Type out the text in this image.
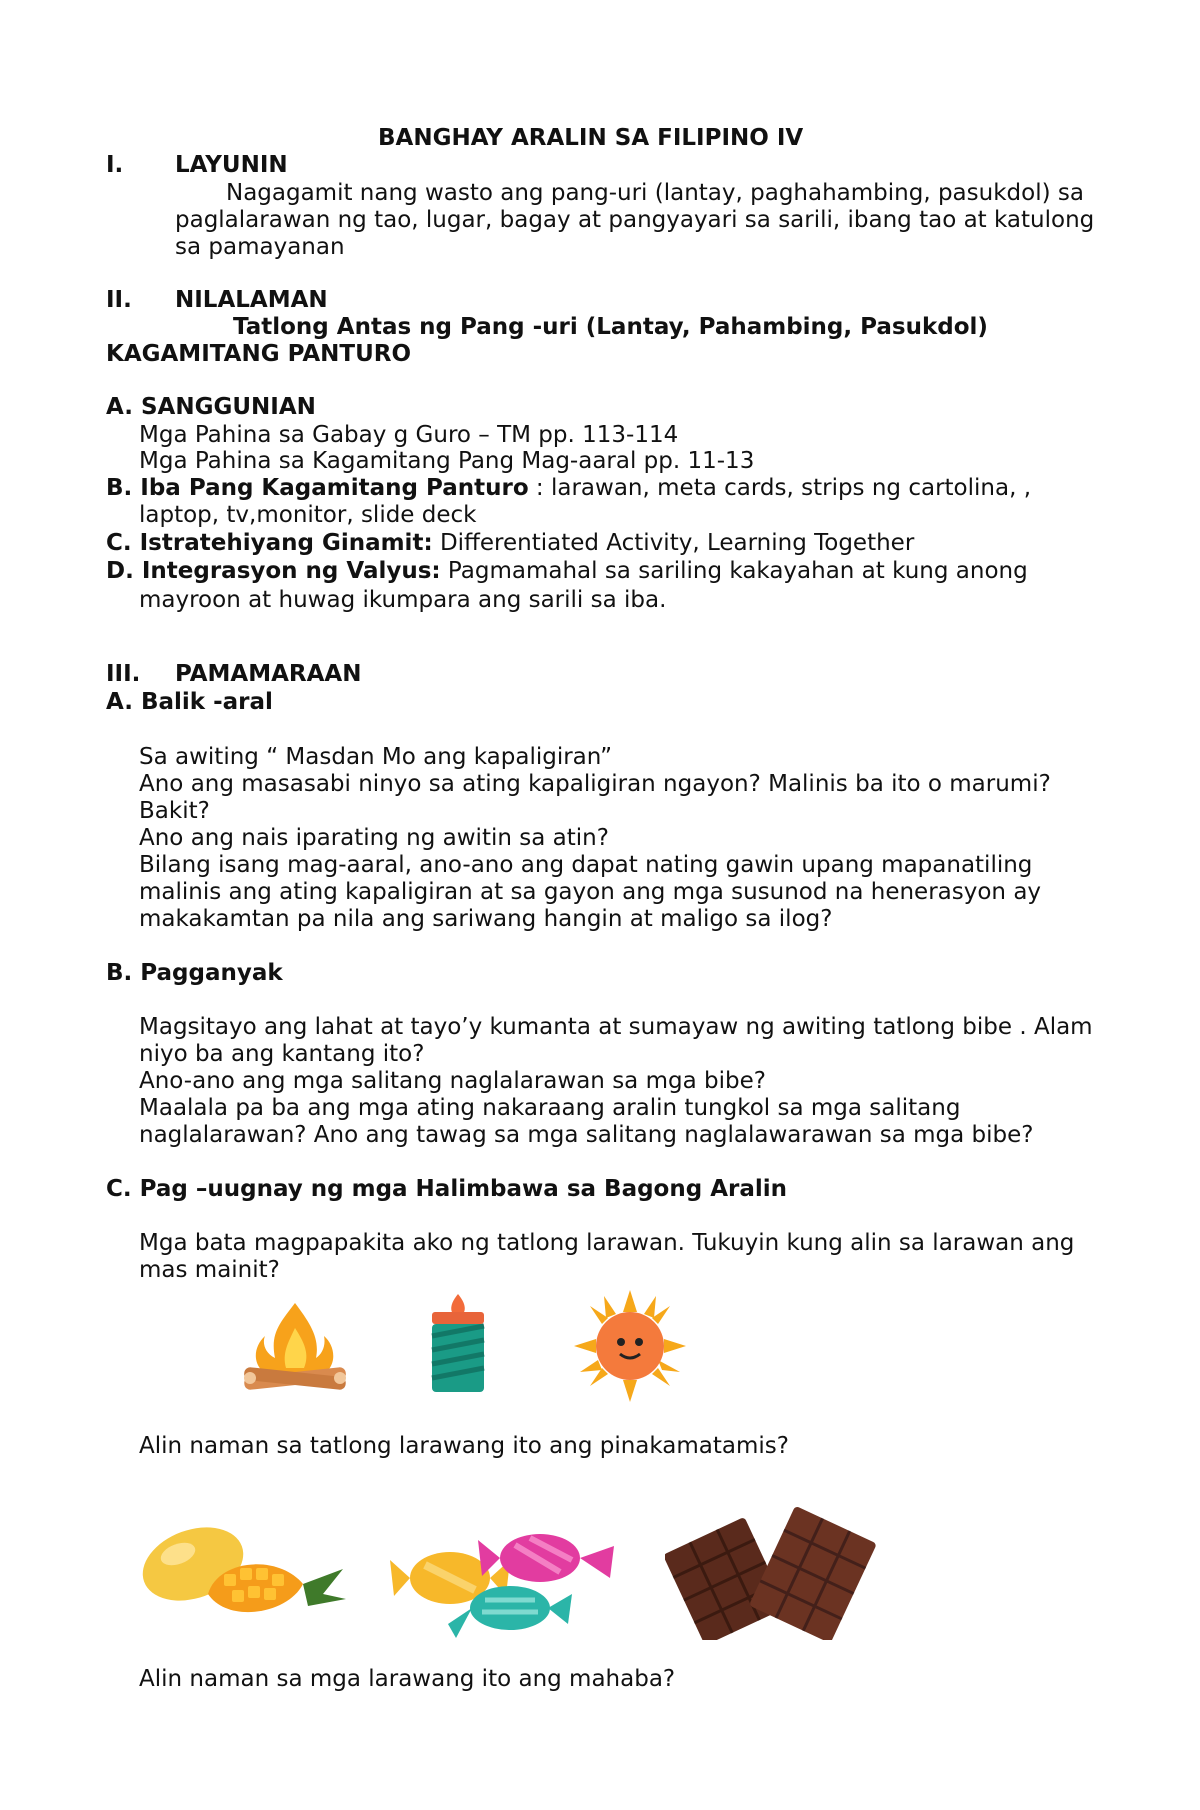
BANGHAY ARALIN SA FILIPINO IV
I. LAYUNIN
Nagagamit nang wasto ang pang-uri (lantay, paghahambing, pasukdol) sa
paglalarawan ng tao, lugar, bagay at pangyayari sa sarili, ibang tao at katulong
sa pamayanan
II. NILALAMAN
Tatlong Antas ng Pang -uri (Lantay, Pahambing, Pasukdol)
KAGAMITANG PANTURO
A. SANGGUNIAN
Mga Pahina sa Gabay g Guro – TM pp. 113-114
Mga Pahina sa Kagamitang Pang Mag-aaral pp. 11-13
B. Iba Pang Kagamitang Panturo : larawan, meta cards, strips ng cartolina, ,
laptop, tv,monitor, slide deck
C. Istratehiyang Ginamit: Differentiated Activity, Learning Together
D. Integrasyon ng Valyus: Pagmamahal sa sariling kakayahan at kung anong
mayroon at huwag ikumpara ang sarili sa iba.
III. PAMAMARAAN
A. Balik -aral
Sa awiting “ Masdan Mo ang kapaligiran”
Ano ang masasabi ninyo sa ating kapaligiran ngayon? Malinis ba ito o marumi?
Bakit?
Ano ang nais iparating ng awitin sa atin?
Bilang isang mag-aaral, ano-ano ang dapat nating gawin upang mapanatiling
malinis ang ating kapaligiran at sa gayon ang mga susunod na henerasyon ay
makakamtan pa nila ang sariwang hangin at maligo sa ilog?
B. Pagganyak
Magsitayo ang lahat at tayo’y kumanta at sumayaw ng awiting tatlong bibe . Alam
niyo ba ang kantang ito?
Ano-ano ang mga salitang naglalarawan sa mga bibe?
Maalala pa ba ang mga ating nakaraang aralin tungkol sa mga salitang
naglalarawan? Ano ang tawag sa mga salitang naglalawarawan sa mga bibe?
C. Pag –uugnay ng mga Halimbawa sa Bagong Aralin
Mga bata magpapakita ako ng tatlong larawan. Tukuyin kung alin sa larawan ang
mas mainit?
Alin naman sa tatlong larawang ito ang pinakamatamis?
Alin naman sa mga larawang ito ang mahaba?
